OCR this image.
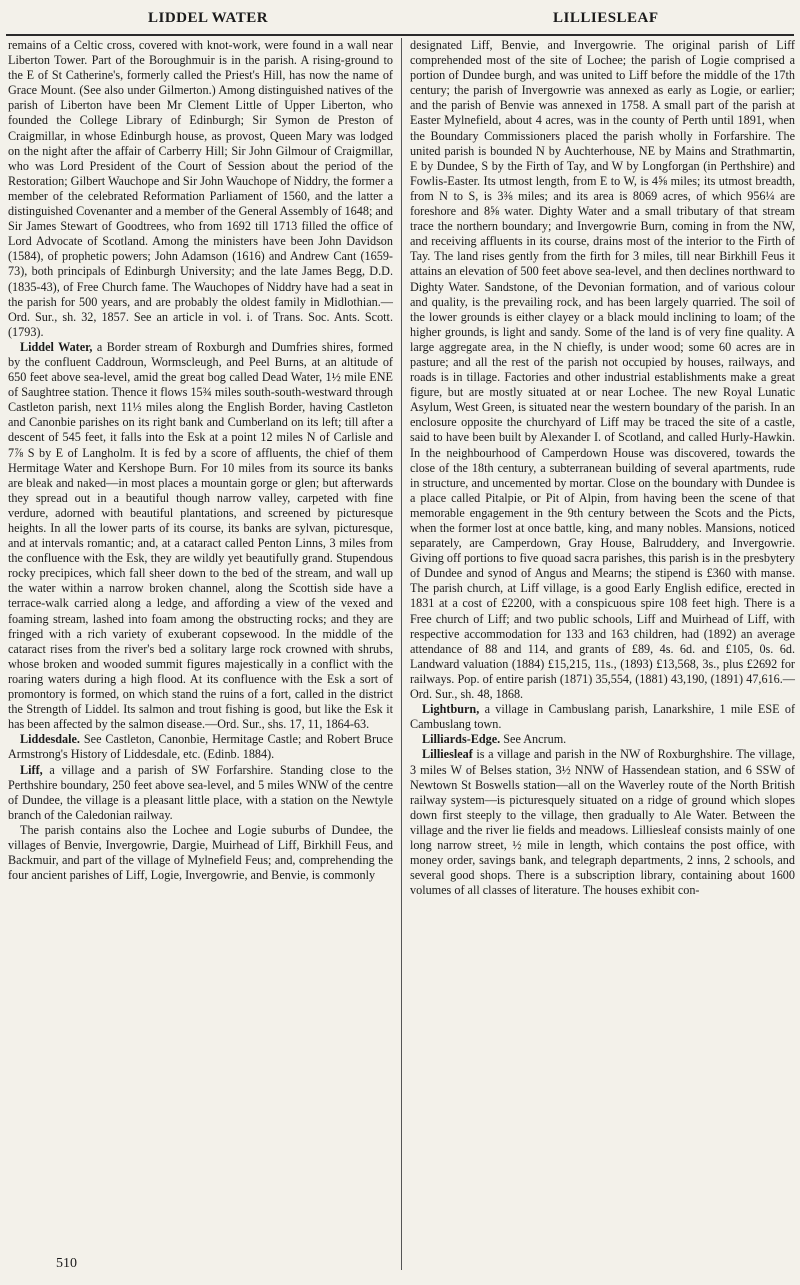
LIDDEL WATER	LILLIESLEAF

remains of a Celtic cross, covered with knot-work, were found in a wall near Liberton Tower. Part of the Boroughmuir is in the parish. A rising-ground to the E of St Catherine's, formerly called the Priest's Hill, has now the name of Grace Mount. (See also under Gilmerton.) Among distinguished natives of the parish of Liberton have been Mr Clement Little of Upper Liberton, who founded the College Library of Edinburgh; Sir Symon de Preston of Craigmillar, in whose Edinburgh house, as provost, Queen Mary was lodged on the night after the affair of Carberry Hill; Sir John Gilmour of Craigmillar, who was Lord President of the Court of Session about the period of the Restoration; Gilbert Wauchope and Sir John Wauchope of Niddry, the former a member of the celebrated Reformation Parliament of 1560, and the latter a distinguished Covenanter and a member of the General Assembly of 1648; and Sir James Stewart of Goodtrees, who from 1692 till 1713 filled the office of Lord Advocate of Scotland. Among the ministers have been John Davidson (1584), of prophetic powers; John Adamson (1616) and Andrew Cant (1659-73), both principals of Edinburgh University; and the late James Begg, D.D. (1835-43), of Free Church fame. The Wauchopes of Niddry have had a seat in the parish for 500 years, and are probably the oldest family in Midlothian.—Ord. Sur., sh. 32, 1857. See an article in vol. i. of Trans. Soc. Ants. Scott. (1793).

Liddel Water, a Border stream of Roxburgh and Dumfries shires, formed by the confluent Caddroun, Wormscleugh, and Peel Burns, at an altitude of 650 feet above sea-level, amid the great bog called Dead Water, 1½ mile ENE of Saughtree station. Thence it flows 15¾ miles south-south-westward through Castleton parish, next 11⅓ miles along the English Border, having Castleton and Canonbie parishes on its right bank and Cumberland on its left; till after a descent of 545 feet, it falls into the Esk at a point 12 miles N of Carlisle and 7⅞ S by E of Langholm. It is fed by a score of affluents, the chief of them Hermitage Water and Kershope Burn. For 10 miles from its source its banks are bleak and naked—in most places a mountain gorge or glen; but afterwards they spread out in a beautiful though narrow valley, carpeted with fine verdure, adorned with beautiful plantations, and screened by picturesque heights. In all the lower parts of its course, its banks are sylvan, picturesque, and at intervals romantic; and, at a cataract called Penton Linns, 3 miles from the confluence with the Esk, they are wildly yet beautifully grand. Stupendous rocky precipices, which fall sheer down to the bed of the stream, and wall up the water within a narrow broken channel, along the Scottish side have a terrace-walk carried along a ledge, and affording a view of the vexed and foaming stream, lashed into foam among the obstructing rocks; and they are fringed with a rich variety of exuberant copsewood. In the middle of the cataract rises from the river's bed a solitary large rock crowned with shrubs, whose broken and wooded summit figures majestically in a conflict with the roaring waters during a high flood. At its confluence with the Esk a sort of promontory is formed, on which stand the ruins of a fort, called in the district the Strength of Liddel. Its salmon and trout fishing is good, but like the Esk it has been affected by the salmon disease.—Ord. Sur., shs. 17, 11, 1864-63.

Liddesdale. See Castleton, Canonbie, Hermitage Castle; and Robert Bruce Armstrong's History of Liddesdale, etc. (Edinb. 1884).

Liff, a village and a parish of SW Forfarshire. Standing close to the Perthshire boundary, 250 feet above sea-level, and 5 miles WNW of the centre of Dundee, the village is a pleasant little place, with a station on the Newtyle branch of the Caledonian railway.

The parish contains also the Lochee and Logie suburbs of Dundee, the villages of Benvie, Invergowrie, Dargie, Muirhead of Liff, Birkhill Feus, and Backmuir, and part of the village of Mylnefield Feus; and, comprehending the four ancient parishes of Liff, Logie, Invergowrie, and Benvie, is commonly

designated Liff, Benvie, and Invergowrie. The original parish of Liff comprehended most of the site of Lochee; the parish of Logie comprised a portion of Dundee burgh, and was united to Liff before the middle of the 17th century; the parish of Invergowrie was annexed as early as Logie, or earlier; and the parish of Benvie was annexed in 1758. A small part of the parish at Easter Mylnefield, about 4 acres, was in the county of Perth until 1891, when the Boundary Commissioners placed the parish wholly in Forfarshire. The united parish is bounded N by Auchterhouse, NE by Mains and Strathmartin, E by Dundee, S by the Firth of Tay, and W by Longforgan (in Perthshire) and Fowlis-Easter. Its utmost length, from E to W, is 4⅝ miles; its utmost breadth, from N to S, is 3⅜ miles; and its area is 8069 acres, of which 956¼ are foreshore and 8⅝ water. Dighty Water and a small tributary of that stream trace the northern boundary; and Invergowrie Burn, coming in from the NW, and receiving affluents in its course, drains most of the interior to the Firth of Tay. The land rises gently from the firth for 3 miles, till near Birkhill Feus it attains an elevation of 500 feet above sea-level, and then declines northward to Dighty Water. Sandstone, of the Devonian formation, and of various colour and quality, is the prevailing rock, and has been largely quarried. The soil of the lower grounds is either clayey or a black mould inclining to loam; of the higher grounds, is light and sandy. Some of the land is of very fine quality. A large aggregate area, in the N chiefly, is under wood; some 60 acres are in pasture; and all the rest of the parish not occupied by houses, railways, and roads is in tillage. Factories and other industrial establishments make a great figure, but are mostly situated at or near Lochee. The new Royal Lunatic Asylum, West Green, is situated near the western boundary of the parish. In an enclosure opposite the churchyard of Liff may be traced the site of a castle, said to have been built by Alexander I. of Scotland, and called Hurly-Hawkin. In the neighbourhood of Camperdown House was discovered, towards the close of the 18th century, a subterranean building of several apartments, rude in structure, and uncemented by mortar. Close on the boundary with Dundee is a place called Pitalpie, or Pit of Alpin, from having been the scene of that memorable engagement in the 9th century between the Scots and the Picts, when the former lost at once battle, king, and many nobles. Mansions, noticed separately, are Camperdown, Gray House, Balruddery, and Invergowrie. Giving off portions to five quoad sacra parishes, this parish is in the presbytery of Dundee and synod of Angus and Mearns; the stipend is £360 with manse. The parish church, at Liff village, is a good Early English edifice, erected in 1831 at a cost of £2200, with a conspicuous spire 108 feet high. There is a Free church of Liff; and two public schools, Liff and Muirhead of Liff, with respective accommodation for 133 and 163 children, had (1892) an average attendance of 88 and 114, and grants of £89, 4s. 6d. and £105, 0s. 6d. Landward valuation (1884) £15,215, 11s., (1893) £13,568, 3s., plus £2692 for railways. Pop. of entire parish (1871) 35,554, (1881) 43,190, (1891) 47,616.—Ord. Sur., sh. 48, 1868.

Lightburn, a village in Cambuslang parish, Lanarkshire, 1 mile ESE of Cambuslang town.

Lilliards-Edge. See Ancrum.

Lilliesleaf is a village and parish in the NW of Roxburghshire. The village, 3 miles W of Belses station, 3½ NNW of Hassendean station, and 6 SSW of Newtown St Boswells station—all on the Waverley route of the North British railway system—is picturesquely situated on a ridge of ground which slopes down first steeply to the village, then gradually to Ale Water. Between the village and the river lie fields and meadows. Lilliesleaf consists mainly of one long narrow street, ½ mile in length, which contains the post office, with money order, savings bank, and telegraph departments, 2 inns, 2 schools, and several good shops. There is a subscription library, containing about 1600 volumes of all classes of literature. The houses exhibit con-

510
